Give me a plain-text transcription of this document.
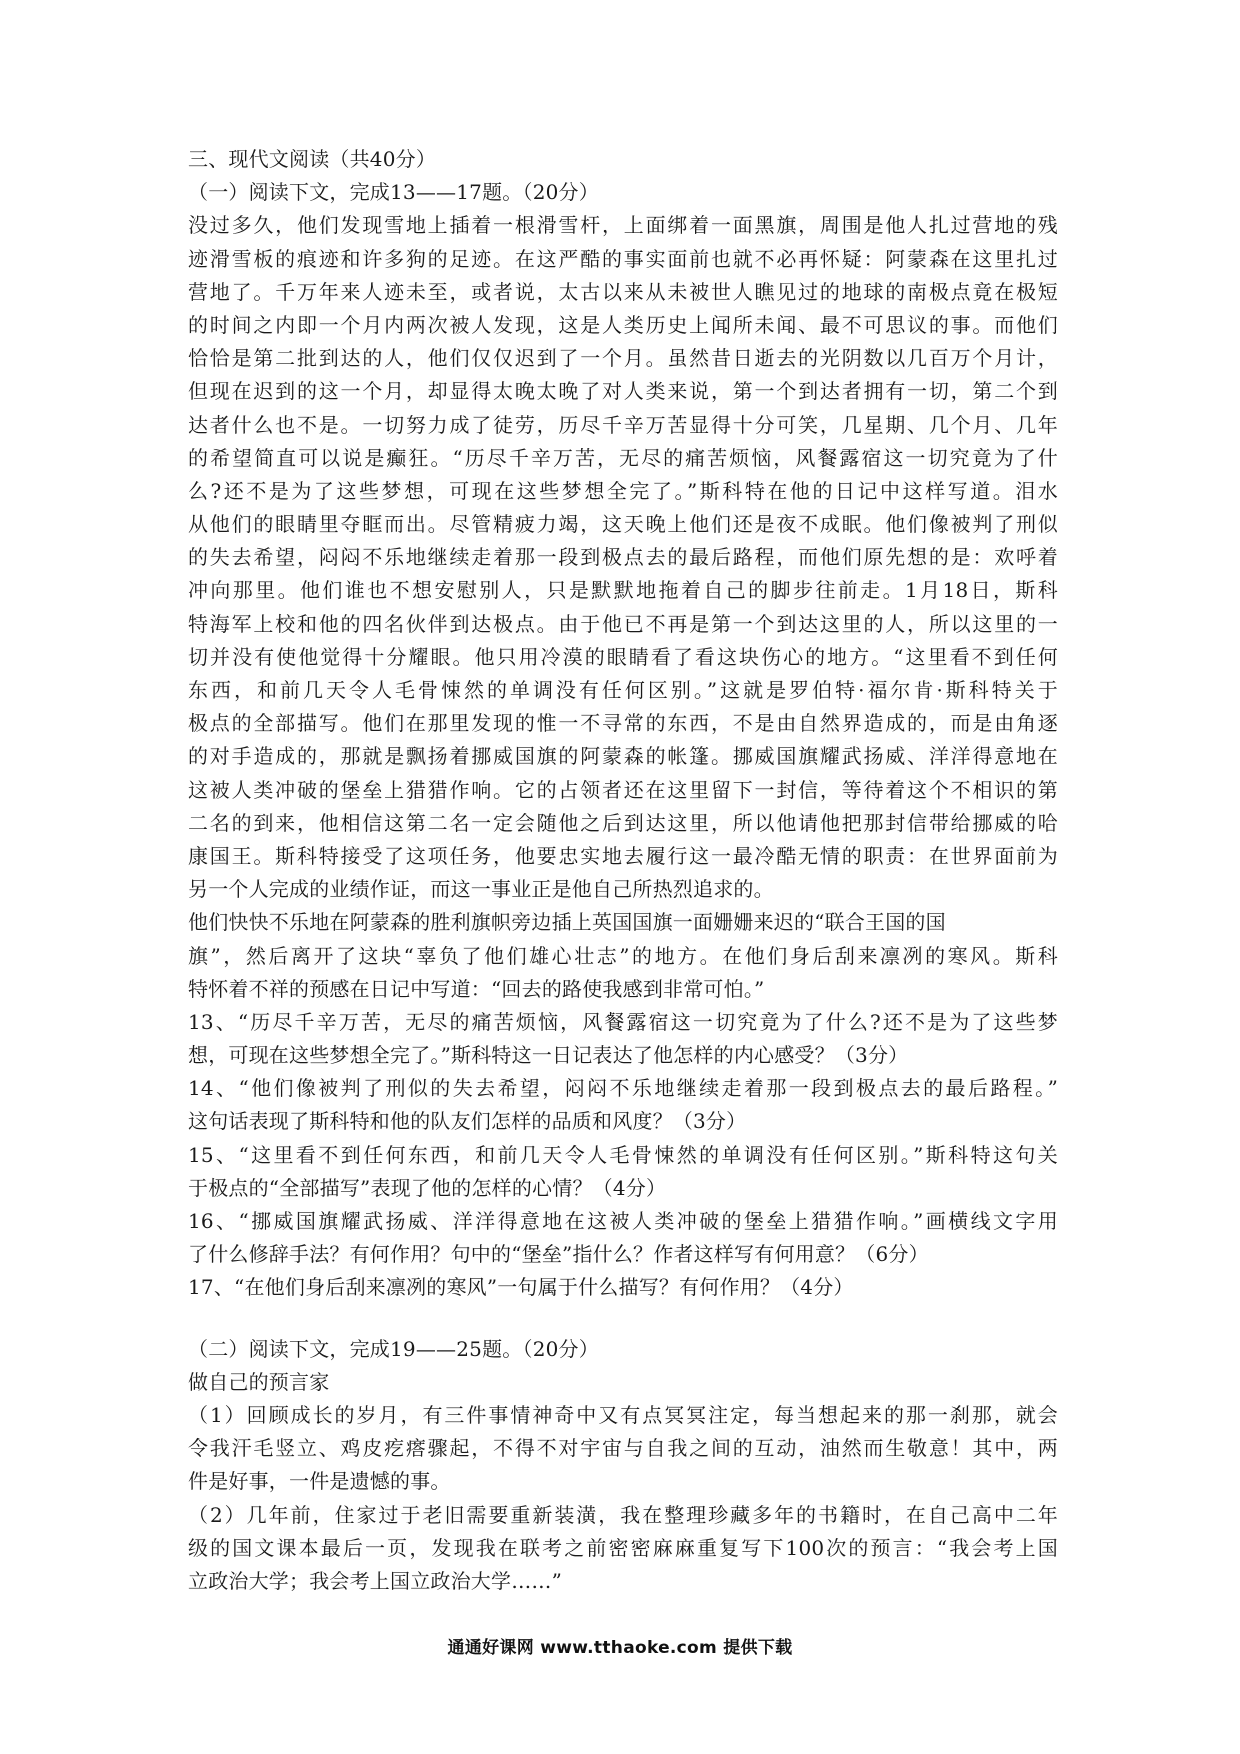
三、现代文阅读（共40分）
（一）阅读下文，完成13——17题。（20分）
没过多久，他们发现雪地上插着一根滑雪杆，上面绑着一面黑旗，周围是他人扎过营地的残
迹滑雪板的痕迹和许多狗的足迹。在这严酷的事实面前也就不必再怀疑：阿蒙森在这里扎过
营地了。千万年来人迹未至，或者说，太古以来从未被世人瞧见过的地球的南极点竟在极短
的时间之内即一个月内两次被人发现，这是人类历史上闻所未闻、最不可思议的事。而他们
恰恰是第二批到达的人，他们仅仅迟到了一个月。虽然昔日逝去的光阴数以几百万个月计，
但现在迟到的这一个月，却显得太晚太晚了对人类来说，第一个到达者拥有一切，第二个到
达者什么也不是。一切努力成了徒劳，历尽千辛万苦显得十分可笑，几星期、几个月、几年
的希望简直可以说是癫狂。“历尽千辛万苦，无尽的痛苦烦恼，风餐露宿这一切究竟为了什
么?还不是为了这些梦想，可现在这些梦想全完了。”斯科特在他的日记中这样写道。泪水
从他们的眼睛里夺眶而出。尽管精疲力竭，这天晚上他们还是夜不成眠。他们像被判了刑似
的失去希望，闷闷不乐地继续走着那一段到极点去的最后路程，而他们原先想的是：欢呼着
冲向那里。他们谁也不想安慰别人，只是默默地拖着自己的脚步往前走。1月18日，斯科
特海军上校和他的四名伙伴到达极点。由于他已不再是第一个到达这里的人，所以这里的一
切并没有使他觉得十分耀眼。他只用冷漠的眼睛看了看这块伤心的地方。“这里看不到任何
东西，和前几天令人毛骨悚然的单调没有任何区别。”这就是罗伯特·福尔肯·斯科特关于
极点的全部描写。他们在那里发现的惟一不寻常的东西，不是由自然界造成的，而是由角逐
的对手造成的，那就是飘扬着挪威国旗的阿蒙森的帐篷。挪威国旗耀武扬威、洋洋得意地在
这被人类冲破的堡垒上猎猎作响。它的占领者还在这里留下一封信，等待着这个不相识的第
二名的到来，他相信这第二名一定会随他之后到达这里，所以他请他把那封信带给挪威的哈
康国王。斯科特接受了这项任务，他要忠实地去履行这一最冷酷无情的职责：在世界面前为
另一个人完成的业绩作证，而这一事业正是他自己所热烈追求的。
他们快快不乐地在阿蒙森的胜利旗帜旁边插上英国国旗一面姗姗来迟的“联合王国的国
旗”，然后离开了这块“辜负了他们雄心壮志”的地方。在他们身后刮来凛冽的寒风。斯科
特怀着不祥的预感在日记中写道：“回去的路使我感到非常可怕。”
13、“历尽千辛万苦，无尽的痛苦烦恼，风餐露宿这一切究竟为了什么?还不是为了这些梦
想，可现在这些梦想全完了。”斯科特这一日记表达了他怎样的内心感受？（3分）
14、“他们像被判了刑似的失去希望，闷闷不乐地继续走着那一段到极点去的最后路程。”
这句话表现了斯科特和他的队友们怎样的品质和风度？（3分）
15、“这里看不到任何东西，和前几天令人毛骨悚然的单调没有任何区别。”斯科特这句关
于极点的“全部描写”表现了他的怎样的心情？（4分）
16、“挪威国旗耀武扬威、洋洋得意地在这被人类冲破的堡垒上猎猎作响。”画横线文字用
了什么修辞手法？有何作用？句中的“堡垒”指什么？作者这样写有何用意？（6分）
17、“在他们身后刮来凛冽的寒风”一句属于什么描写？有何作用？（4分）
（二）阅读下文，完成19——25题。（20分）
做自己的预言家
（1）回顾成长的岁月，有三件事情神奇中又有点冥冥注定，每当想起来的那一刹那，就会
令我汗毛竖立、鸡皮疙瘩骤起，不得不对宇宙与自我之间的互动，油然而生敬意！其中，两
件是好事，一件是遗憾的事。
（2）几年前，住家过于老旧需要重新装潢，我在整理珍藏多年的书籍时，在自己高中二年
级的国文课本最后一页，发现我在联考之前密密麻麻重复写下100次的预言：“我会考上国
立政治大学；我会考上国立政治大学……”
通通好课网 www.tthaoke.com 提供下载
